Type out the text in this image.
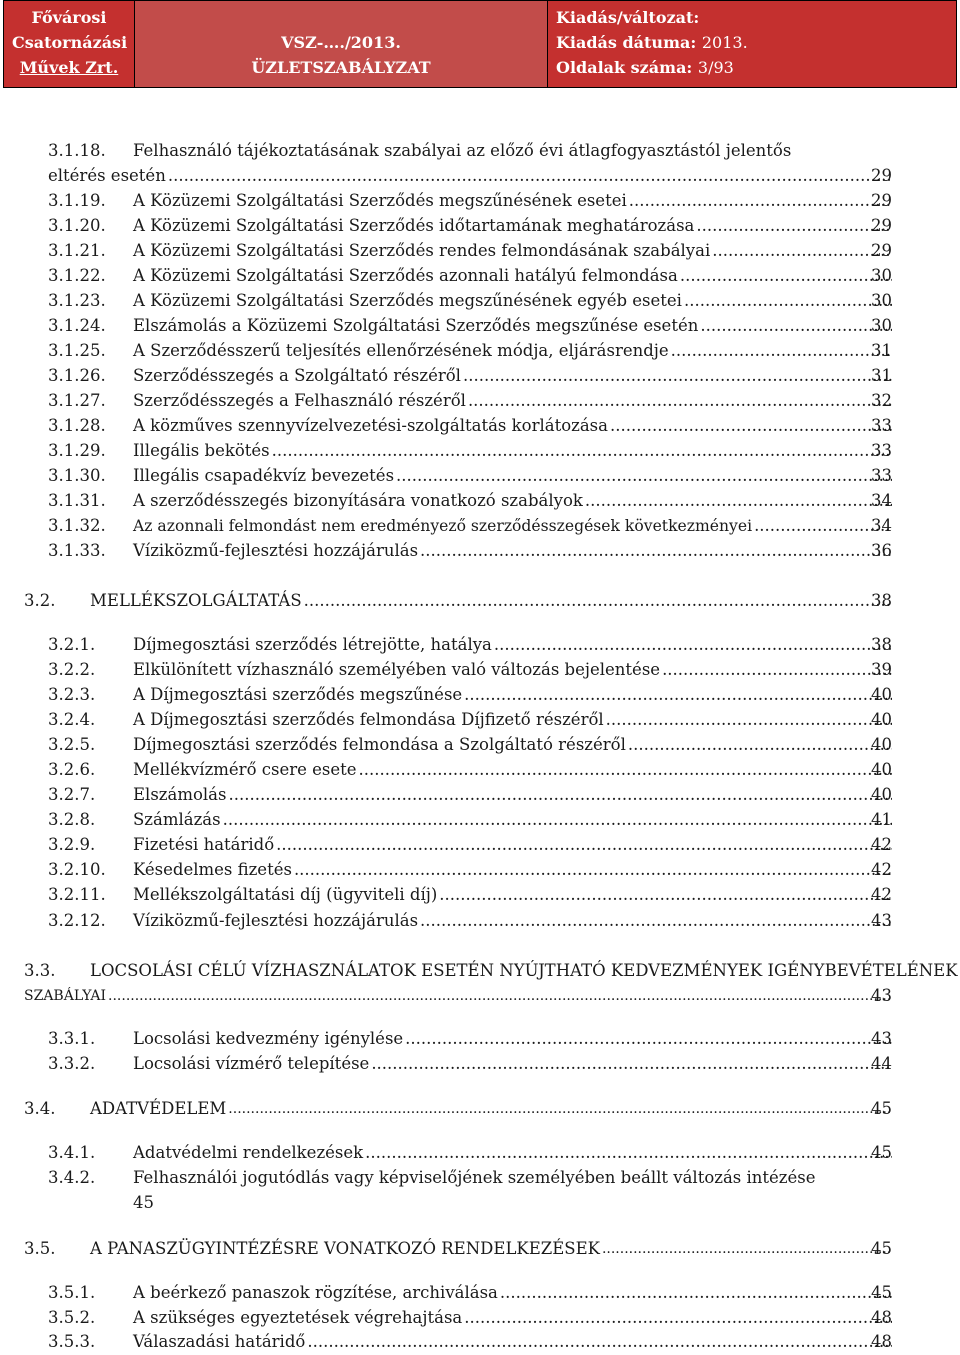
Fővárosi
Csatornázási
Művek Zrt.

VSZ-…./2013.
ÜZLETSZABÁLYZAT

Kiadás/változat:
Kiadás dátuma: 2013.
Oldalak száma: 3/93
3.1.18. Felhasználó tájékoztatásának szabályai az előző évi átlagfogyasztástól jelentős
eltérés esetén .....	29
3.1.19. A Közüzemi Szolgáltatási Szerződés megszűnésének esetei .....	29
3.1.20. A Közüzemi Szolgáltatási Szerződés időtartamának meghatározása .....	29
3.1.21. A Közüzemi Szolgáltatási Szerződés rendes felmondásának szabályai .....	29
3.1.22. A Közüzemi Szolgáltatási Szerződés azonnali hatályú felmondása .....	30
3.1.23. A Közüzemi Szolgáltatási Szerződés megszűnésének egyéb esetei .....	30
3.1.24. Elszámolás a Közüzemi Szolgáltatási Szerződés megszűnése esetén .....	30
3.1.25. A Szerződésszerű teljesítés ellenőrzésének módja, eljárásrendje .....	31
3.1.26. Szerződésszegés a Szolgáltató részéről .....	31
3.1.27. Szerződésszegés a Felhasználó részéről .....	32
3.1.28. A közműves szennyvízelvezetési-szolgáltatás korlátozása .....	33
3.1.29. Illegális bekötés .....	33
3.1.30. Illegális csapadékvíz bevezetés .....	33
3.1.31. A szerződésszegés bizonyítására vonatkozó szabályok .....	34
3.1.32. Az azonnali felmondást nem eredményező szerződésszegések következményei .....	34
3.1.33. Víziközmű-fejlesztési hozzájárulás .....	36
3.2. MELLÉKSZOLGÁLTATÁS .....	38
3.2.1. Díjmegosztási szerződés létrejötte, hatálya .....	38
3.2.2. Elkülönített vízhasználó személyében való változás bejelentése .....	39
3.2.3. A Díjmegosztási szerződés megszűnése .....	40
3.2.4. A Díjmegosztási szerződés felmondása Díjfizető részéről .....	40
3.2.5. Díjmegosztási szerződés felmondása a Szolgáltató részéről .....	40
3.2.6. Mellékvízmérő csere esete .....	40
3.2.7. Elszámolás .....	40
3.2.8. Számlázás .....	41
3.2.9. Fizetési határidő .....	42
3.2.10. Késedelmes fizetés .....	42
3.2.11. Mellékszolgáltatási díj (ügyviteli díj) .....	42
3.2.12. Víziközmű-fejlesztési hozzájárulás .....	43
3.3. LOCSOLÁSI CÉLÚ VÍZHASZNÁLATOK ESETÉN NYÚJTHATÓ KEDVEZMÉNYEK IGÉNYBEVÉTELÉNEK
SZABÁLYAI .....	43
3.3.1. Locsolási kedvezmény igénylése .....	43
3.3.2. Locsolási vízmérő telepítése .....	44
3.4. ADATVÉDELEM .....	45
3.4.1. Adatvédelmi rendelkezések .....	45
3.4.2. Felhasználói jogutódlás vagy képviselőjének személyében beállt változás intézése
45
3.5. A PANASZÜGYINTÉZÉSRE VONATKOZÓ RENDELKEZÉSEK .....	45
3.5.1. A beérkező panaszok rögzítése, archiválása .....	45
3.5.2. A szükséges egyeztetések végrehajtása .....	48
3.5.3. Válaszadási határidő .....	48
